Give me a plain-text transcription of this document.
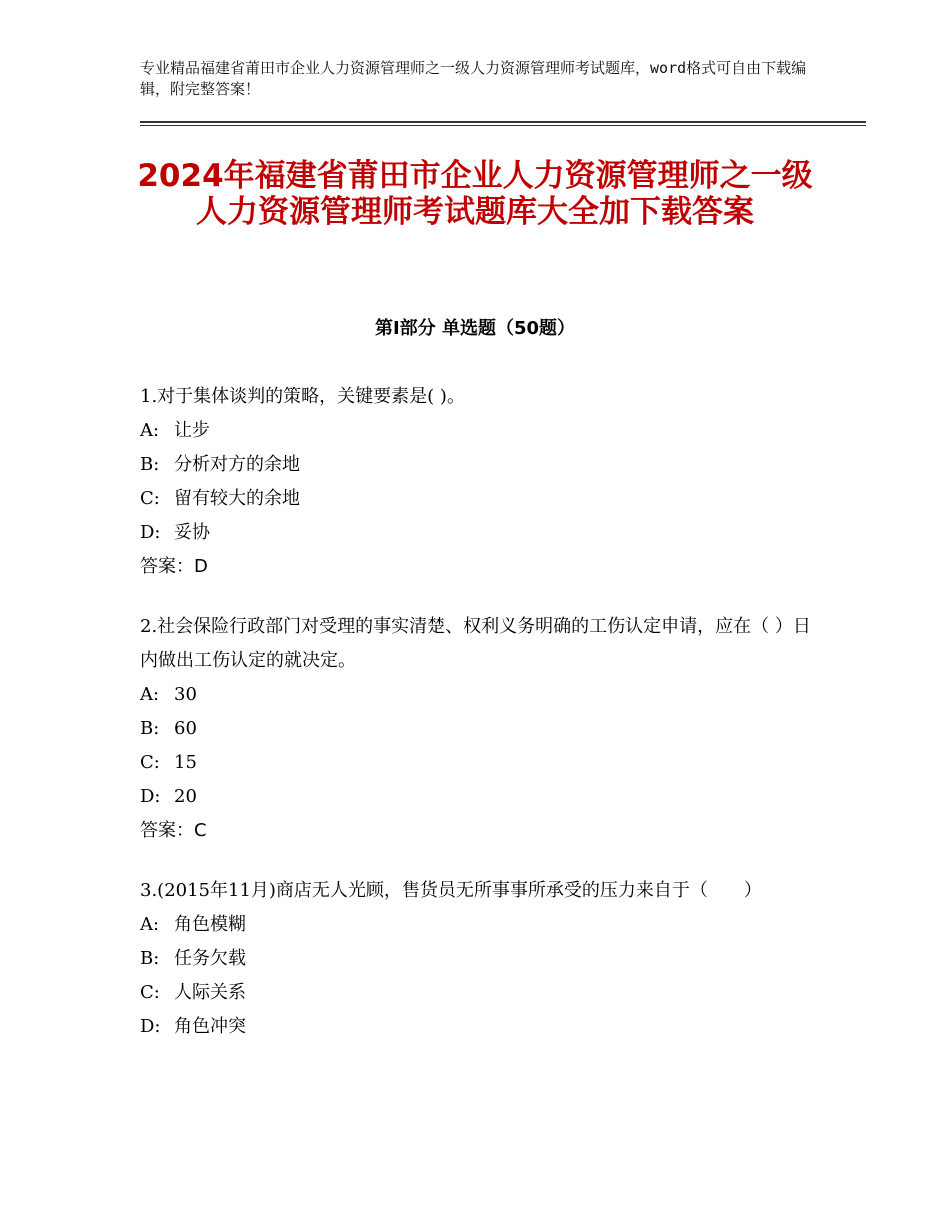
专业精品福建省莆田市企业人力资源管理师之一级人力资源管理师考试题库，word格式可自由下载编辑，附完整答案！
2024年福建省莆田市企业人力资源管理师之一级人力资源管理师考试题库大全加下载答案
第Ⅰ部分 单选题（50题）

1.对于集体谈判的策略，关键要素是( )。

A: 让步

B: 分析对方的余地

C: 留有较大的余地

D: 妥协

答案：D

2.社会保险行政部门对受理的事实清楚、权利义务明确的工伤认定申请，应在（ ）日内做出工伤认定的就决定。

A: 30

B: 60

C: 15

D: 20

答案：C

3.(2015年11月)商店无人光顾，售货员无所事事所承受的压力来自于（　　）

A: 角色模糊

B: 任务欠载

C: 人际关系

D: 角色冲突
